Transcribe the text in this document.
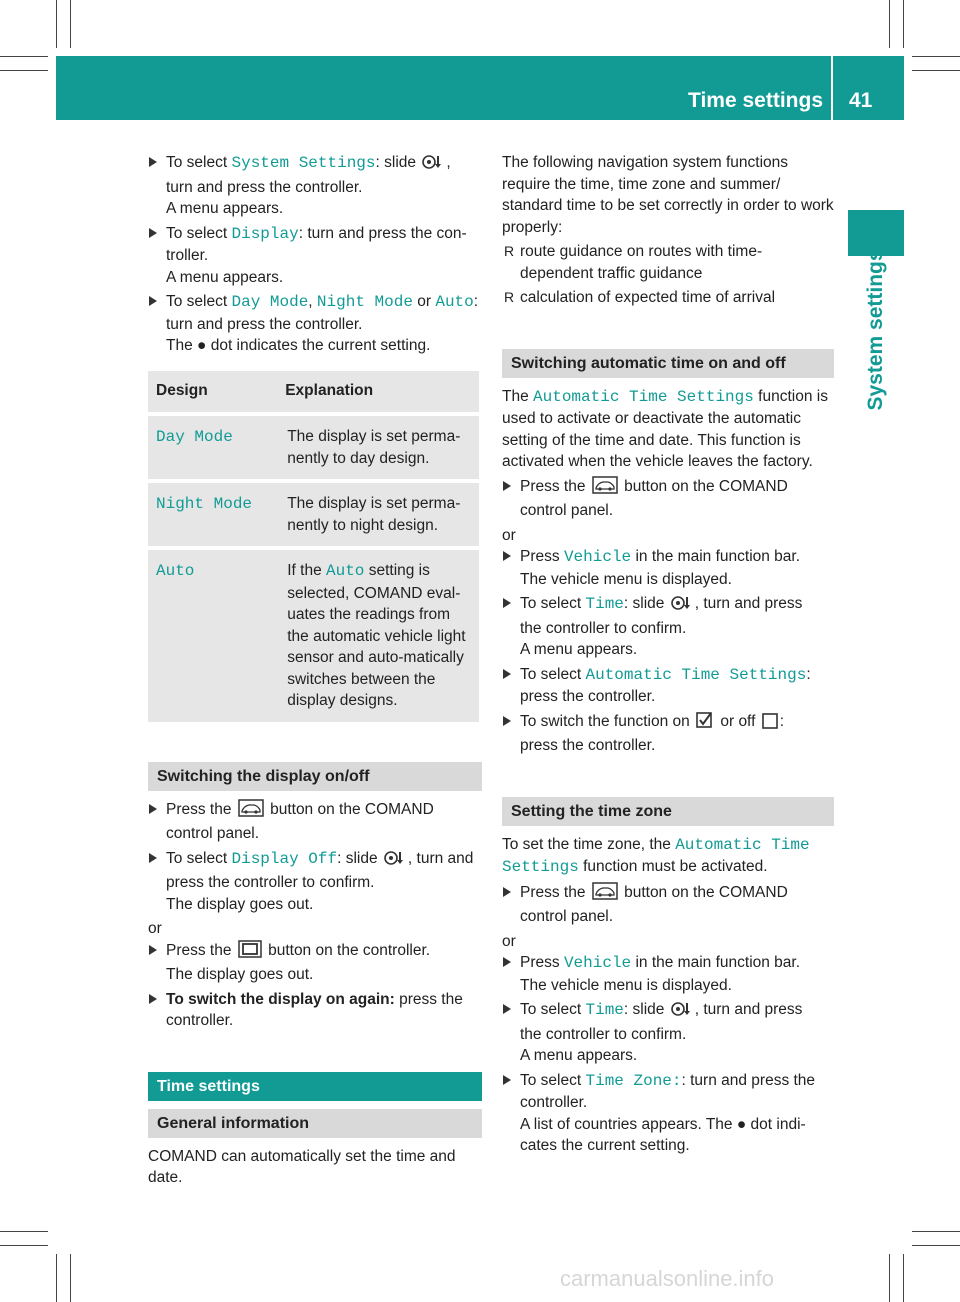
Time settings 41
System settings

To select System Settings: slide ,

turn and press the controller.

A menu appears.

To select Display: turn and press the con-

troller.

A menu appears.

To select Day Mode, Night Mode or Auto:

turn and press the controller.

The ● dot indicates the current setting.

Design	Explanation
Day Mode	The display is set perma-nently to day design.
Night Mode	The display is set perma-nently to night design.
Auto	If the Auto setting is selected, COMAND eval-uates the readings from the automatic vehicle light sensor and auto-matically switches between the display designs.
Switching the display on/off

Press the  button on the COMAND

control panel.

To select Display Off: slide , turn and

press the controller to confirm.

The display goes out.

or

Press the  button on the controller.

The display goes out.

To switch the display on again: press the

controller.

Time settings
General information

COMAND can automatically set the time and date.

The following navigation system functions require the time, time zone and summer/ standard time to be set correctly in order to work properly:

R route guidance on routes with time-dependent traffic guidance

R calculation of expected time of arrival

Switching automatic time on and off

The Automatic Time Settings function is used to activate or deactivate the automatic setting of the time and date. This function is activated when the vehicle leaves the factory.

Press the  button on the COMAND

control panel.

or

Press Vehicle in the main function bar.

The vehicle menu is displayed.

To select Time: slide , turn and press

the controller to confirm.

A menu appears.

To select Automatic Time Settings:

press the controller.

To switch the function on  or off :

press the controller.

Setting the time zone

To set the time zone, the Automatic Time
Settings function must be activated.

Press the  button on the COMAND

control panel.

or

Press Vehicle in the main function bar.

The vehicle menu is displayed.

To select Time: slide , turn and press

the controller to confirm.

A menu appears.

To select Time Zone:: turn and press the

controller.

A list of countries appears. The ● dot indi-

cates the current setting.

carmanualsonline.info
